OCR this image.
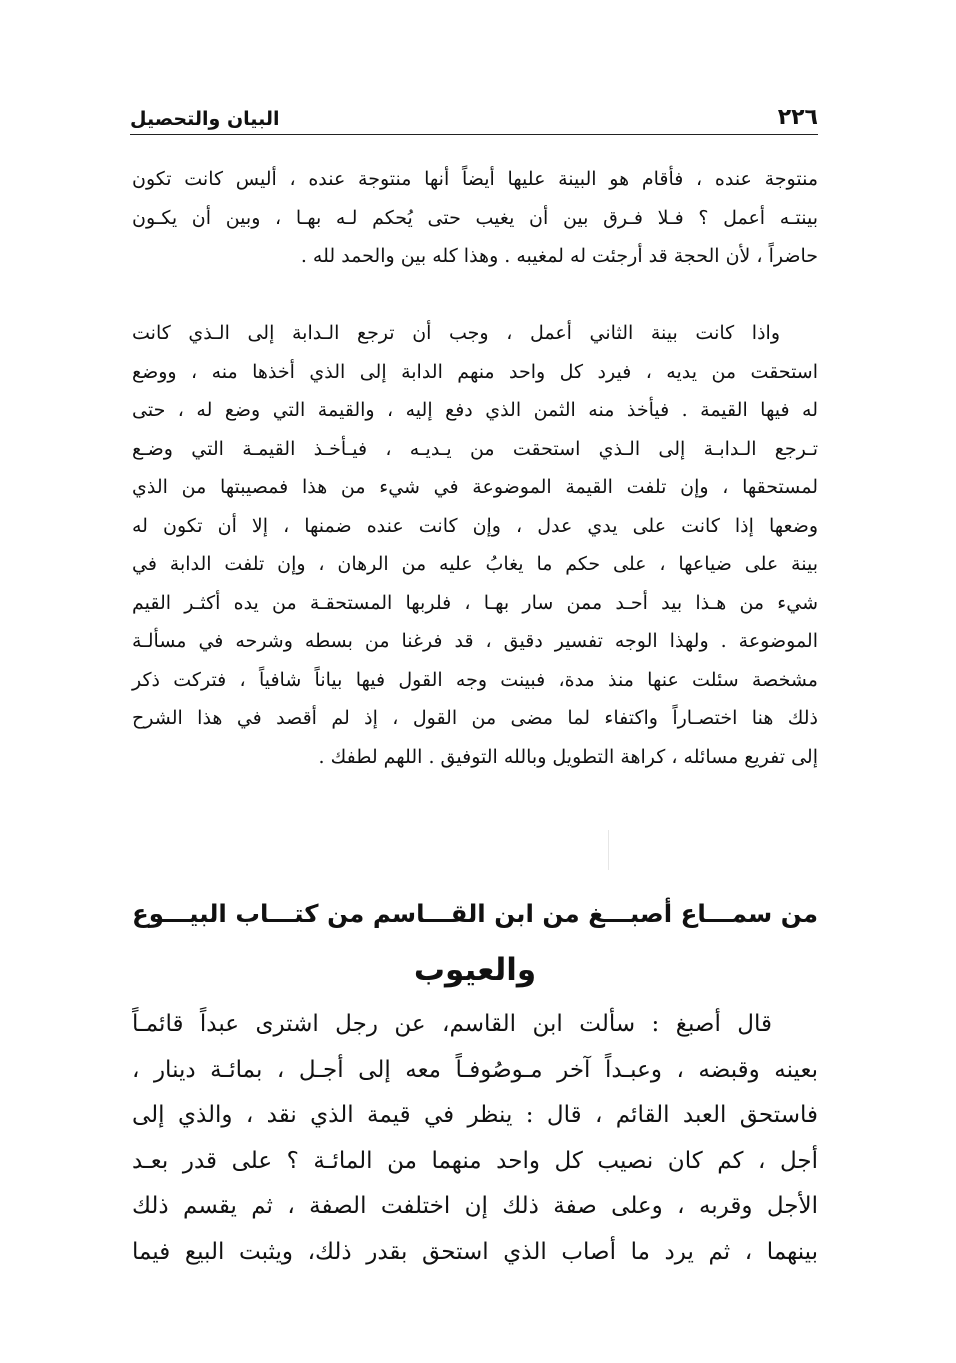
٢٢٦
البيان والتحصيل
منتوجة عنده ، فأقام هو البينة عليها أيضاً أنها منتوجة عنده ، أليس كانت تكون
بينتـه أعمل ؟ فـلا فـرق بين أن يغيب حتى يُحكم لـه بهـا ، وبين أن يكـون
حاضراً ، لأن الحجة قد أرجئت له لمغيبه . وهذا كله بين والحمد لله .
واذا كانت بينة الثاني أعمل ، وجب أن ترجع الـدابة إلى الـذي كانت
استحقت من يديه ، فيرد كل واحد منهم الدابة إلى الذي أخذها منه ، ووضع
له فيها القيمة . فيأخذ منه الثمن الذي دفع إليه ، والقيمة التي وضع له ، حتى
تـرجع الـدابـة إلى الـذي استحقت من يـديـه ، فيـأخـذ القيمـة التي وضـع
لمستحقها ، وإن تلفت القيمة الموضوعة في شيء من هذا فمصيبتها من الذي
وضعها إذا كانت على يدي عدل ، وإن كانت عنده ضمنها ، إلا أن تكون له
بينة على ضياعها ، على حكم ما يغابُ عليه من الرهان ، وإن تلفت الدابة في
شيء من هـذا بيد أحـد ممن سار بهـا ، فلربها المستحقـة من يده أكثـر القيم
الموضوعة . ولهذا الوجه تفسير دقيق ، قد فرغنا من بسطه وشرحه في مسألـة
مشخصة سئلت عنها منذ مدة، فبينت وجه القول فيها بياناً شافياً ، فتركت ذكر
ذلك هنا اختصـاراً واكتفاء لما مضى من القول ، إذ لم أقصد في هذا الشرح
إلى تفريع مسائله ، كراهة التطويل وبالله التوفيق . اللهم لطفك .
من سمـــاع أصبـــغ من ابن القـــاسم من كتـــاب البيـــوع
والعيوب
قال أصبغ : سألت ابن القاسم، عن رجل اشترى عبداً قائمـاً
بعينه وقبضه ، وعبـداً آخر مـوصُوفـاً معه إلى أجـل ، بمائـة دينار ،
فاستحق العبد القائم ، قال : ينظر في قيمة الذي نقد ، والذي إلى
أجل ، كم كان نصيب كل واحد منهما من المائـة ؟ على قدر بعـد
الأجل وقربه ، وعلى صفة ذلك إن اختلفت الصفة ، ثم يقسم ذلك
بينهما ، ثم يرد ما أصاب الذي استحق بقدر ذلك، ويثبت البيع فيما
